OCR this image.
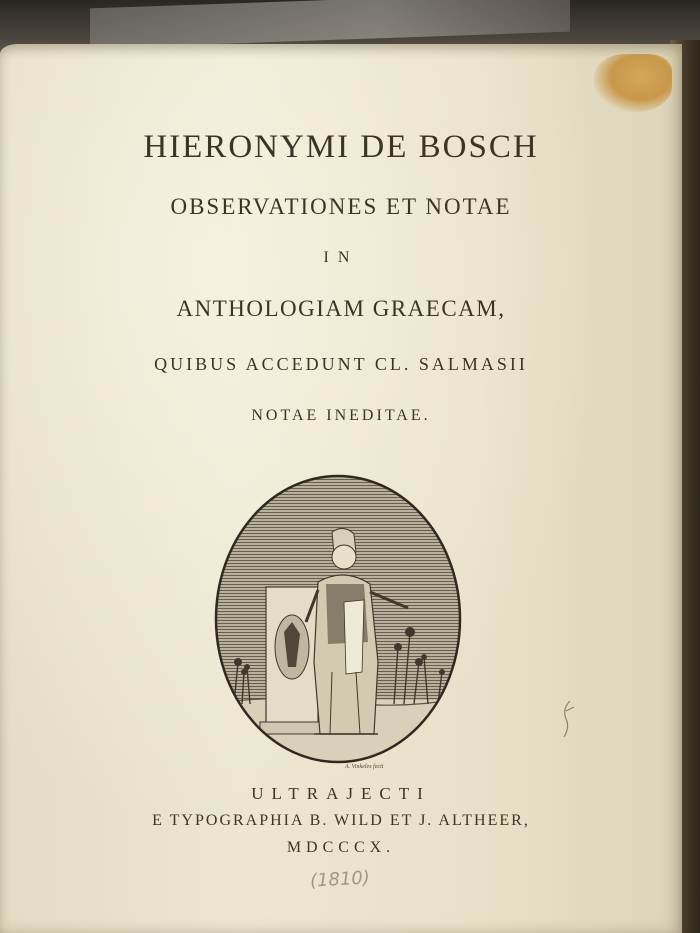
HIERONYMI DE BOSCH
OBSERVATIONES ET NOTAE
IN
ANTHOLOGIAM GRAECAM,
QUIBUS ACCEDUNT CL. SALMASII
NOTAE INEDITAE.
A. Vinkeles fecit
ULTRAJECTI
E TYPOGRAPHIA B. WILD ET J. ALTHEER,
MDCCCX.
(1810)
